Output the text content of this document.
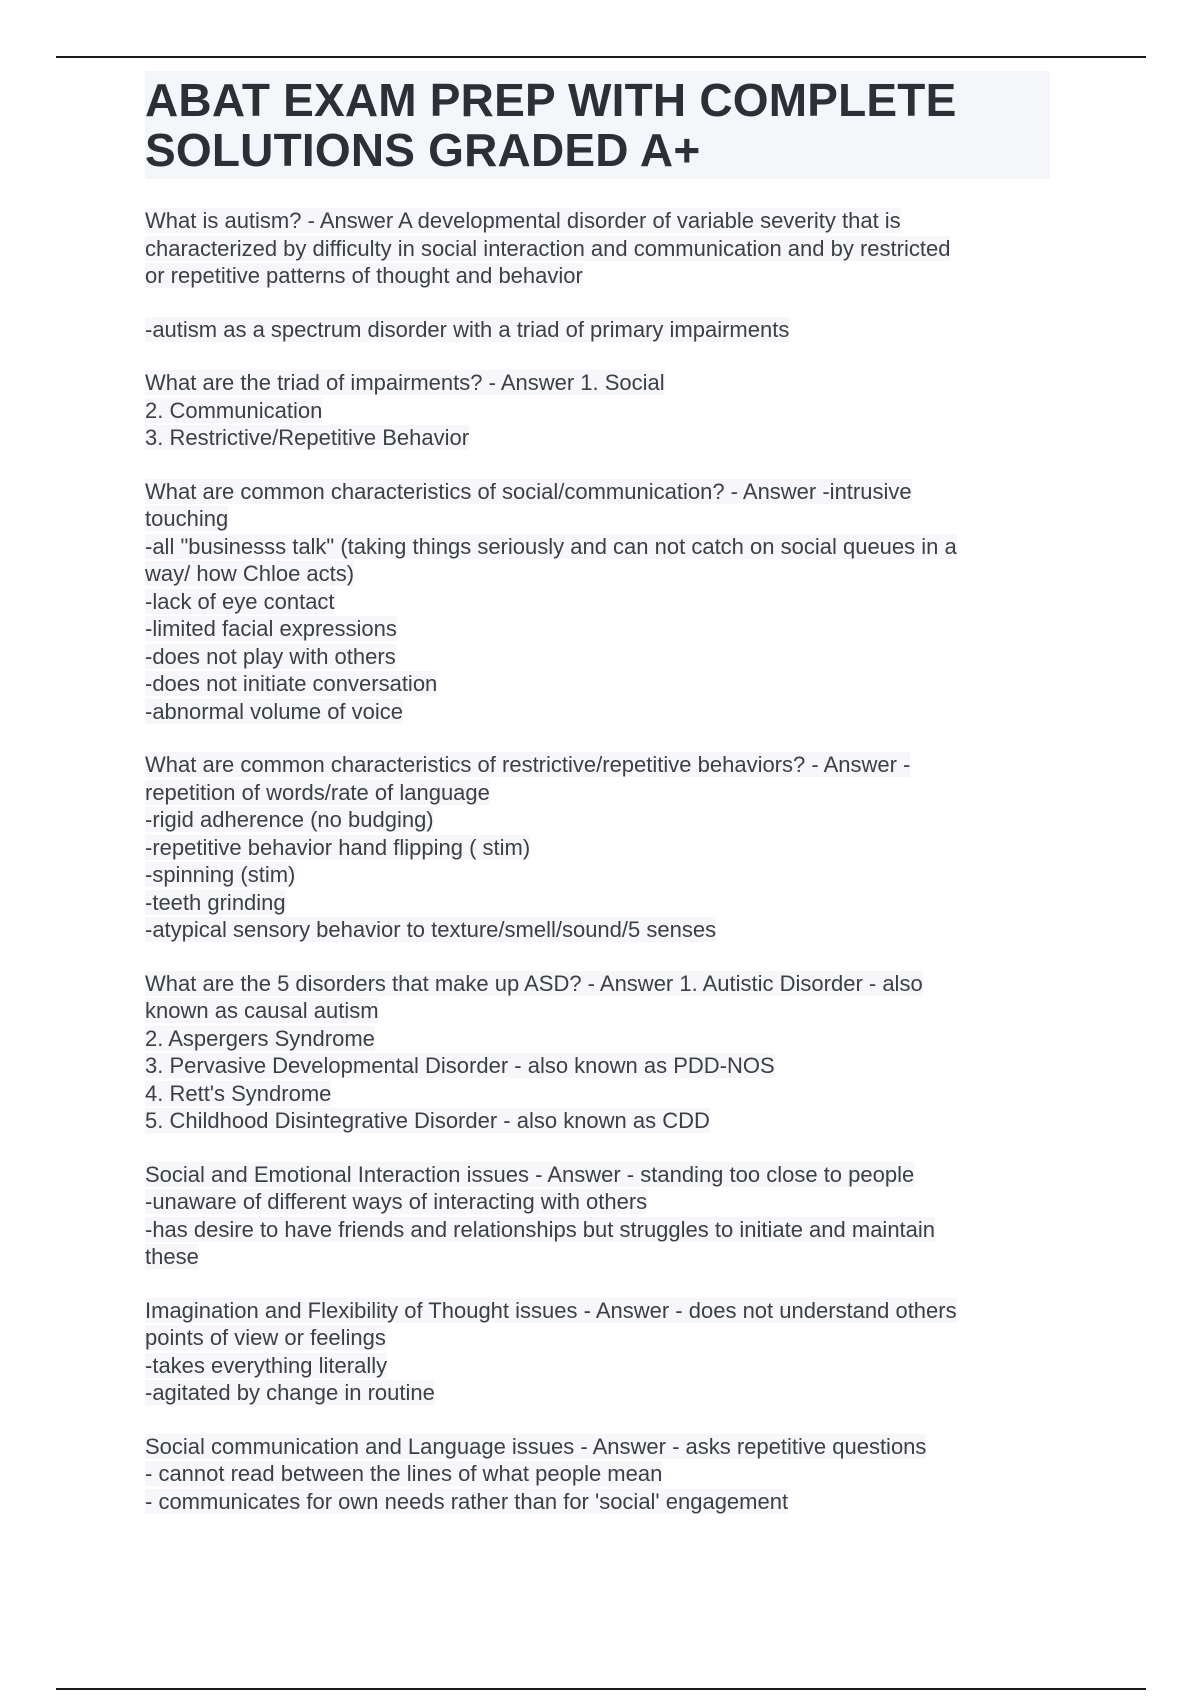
ABAT EXAM PREP WITH COMPLETE
SOLUTIONS GRADED A+
What is autism? - Answer A developmental disorder of variable severity that is
characterized by difficulty in social interaction and communication and by restricted
or repetitive patterns of thought and behavior
-autism as a spectrum disorder with a triad of primary impairments
What are the triad of impairments? - Answer 1. Social
2. Communication
3. Restrictive/Repetitive Behavior
What are common characteristics of social/communication? - Answer -intrusive
touching
-all "businesss talk" (taking things seriously and can not catch on social queues in a
way/ how Chloe acts)
-lack of eye contact
-limited facial expressions
-does not play with others
-does not initiate conversation
-abnormal volume of voice
What are common characteristics of restrictive/repetitive behaviors? - Answer -
repetition of words/rate of language
-rigid adherence (no budging)
-repetitive behavior hand flipping ( stim)
-spinning (stim)
-teeth grinding
-atypical sensory behavior to texture/smell/sound/5 senses
What are the 5 disorders that make up ASD? - Answer 1. Autistic Disorder - also
known as causal autism
2. Aspergers Syndrome
3. Pervasive Developmental Disorder - also known as PDD-NOS
4. Rett's Syndrome
5. Childhood Disintegrative Disorder - also known as CDD
Social and Emotional Interaction issues - Answer - standing too close to people
-unaware of different ways of interacting with others
-has desire to have friends and relationships but struggles to initiate and maintain
these
Imagination and Flexibility of Thought issues - Answer - does not understand others
points of view or feelings
-takes everything literally
-agitated by change in routine
Social communication and Language issues - Answer - asks repetitive questions
- cannot read between the lines of what people mean
- communicates for own needs rather than for 'social' engagement
